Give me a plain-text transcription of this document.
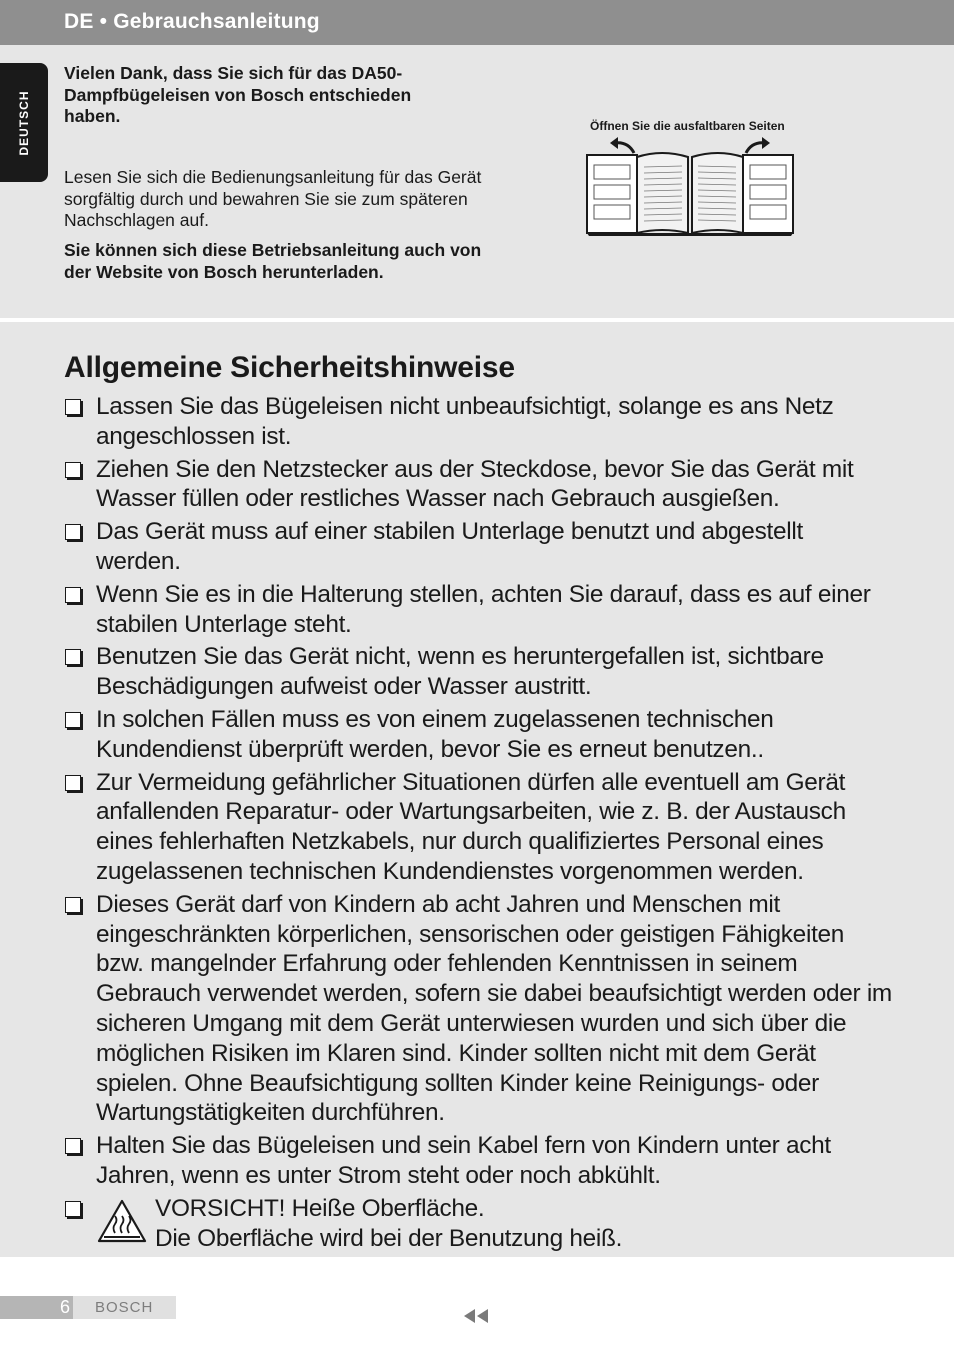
DE • Gebrauchsanleitung
DEUTSCH

Vielen Dank, dass Sie sich für das DA50-Dampfbügeleisen von Bosch entschieden haben.

Lesen Sie sich die Bedienungsanleitung für das Gerät sorgfältig durch und bewahren Sie sie zum späteren Nachschlagen auf.

Sie können sich diese Betriebsanleitung auch von der Website von Bosch herunterladen.

Öffnen Sie die ausfaltbaren Seiten
Allgemeine Sicherheitshinweise
Lassen Sie das Bügeleisen nicht unbeaufsichtigt, solange es ans Netz angeschlossen ist.
Ziehen Sie den Netzstecker aus der Steckdose, bevor Sie das Gerät mit Wasser füllen oder restliches Wasser nach Gebrauch ausgießen.
Das Gerät muss auf einer stabilen Unterlage benutzt und abgestellt werden.
Wenn Sie es in die Halterung stellen, achten Sie darauf, dass es auf einer stabilen Unterlage steht.
Benutzen Sie das Gerät nicht, wenn es heruntergefallen ist, sichtbare Beschädigungen aufweist oder Wasser austritt.
In solchen Fällen muss es von einem zugelassenen technischen Kundendienst überprüft werden, bevor Sie es erneut benutzen..
Zur Vermeidung gefährlicher Situationen dürfen alle eventuell am Gerät anfallenden Reparatur- oder Wartungsarbeiten, wie z. B. der Austausch eines fehlerhaften Netzkabels, nur durch qualifiziertes Personal eines zugelassenen technischen Kundendienstes vorgenommen werden.
Dieses Gerät darf von Kindern ab acht Jahren und Menschen mit eingeschränkten körperlichen, sensorischen oder geistigen Fähigkeiten bzw. mangelnder Erfahrung oder fehlenden Kenntnissen in seinem Gebrauch verwendet werden, sofern sie dabei beaufsichtigt werden oder im sicheren Umgang mit dem Gerät unterwiesen wurden und sich über die möglichen Risiken im Klaren sind. Kinder sollten nicht mit dem Gerät spielen. Ohne Beaufsichtigung sollten Kinder keine Reinigungs- oder Wartungstätigkeiten durchführen.
Halten Sie das Bügeleisen und sein Kabel fern von Kindern unter acht Jahren, wenn es unter Strom steht oder noch abkühlt.
VORSICHT! Heiße Oberfläche.
Die Oberfläche wird bei der Benutzung heiß.
6 BOSCH
